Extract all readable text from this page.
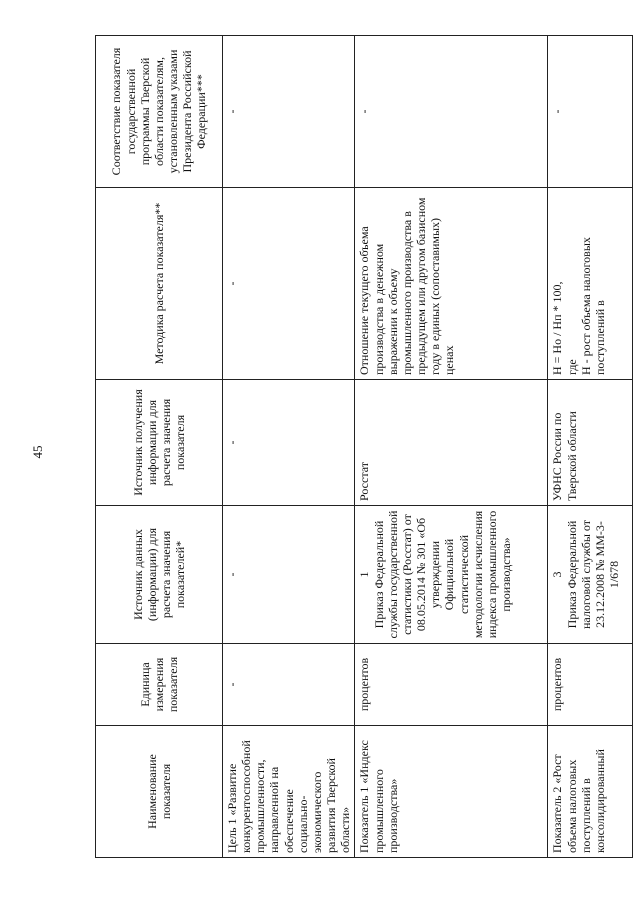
45
Наименование показателя	Единица измерения показателя	Источник данных (информации) для расчета значения показателей*	Источник получения информации для расчета значения показателя	Методика расчета показателя**	Соответствие показателя государственной программы Тверской области показателям, установленным указами Президента Российской Федерации***
Цель 1 «Развитие конкурентоспособной промышленности, направленной на обеспечение социально-экономического развития Тверской области»	-	-	-	-	-
Показатель 1 «Индекс промышленного производства»	процентов	1 Приказ Федеральной службы государственной статистики (Росстат) от 08.05.2014 № 301 «Об утверждении Официальной статистической методологии исчисления индекса промышленного производства»	Росстат	Отношение текущего объема производства в денежном выражении к объему промышленного производства в предыдущем или другом базисном году в единых (сопоставимых) ценах	-
Показатель 2 «Рост объема налоговых поступлений в консолидированный	процентов	3 Приказ Федеральной налоговой службы от 23.12.2008 № ММ-3-1/678	УФНС России по Тверской области	Н = Но / Нп * 100, где Н - рост объема налоговых поступлений в	-
